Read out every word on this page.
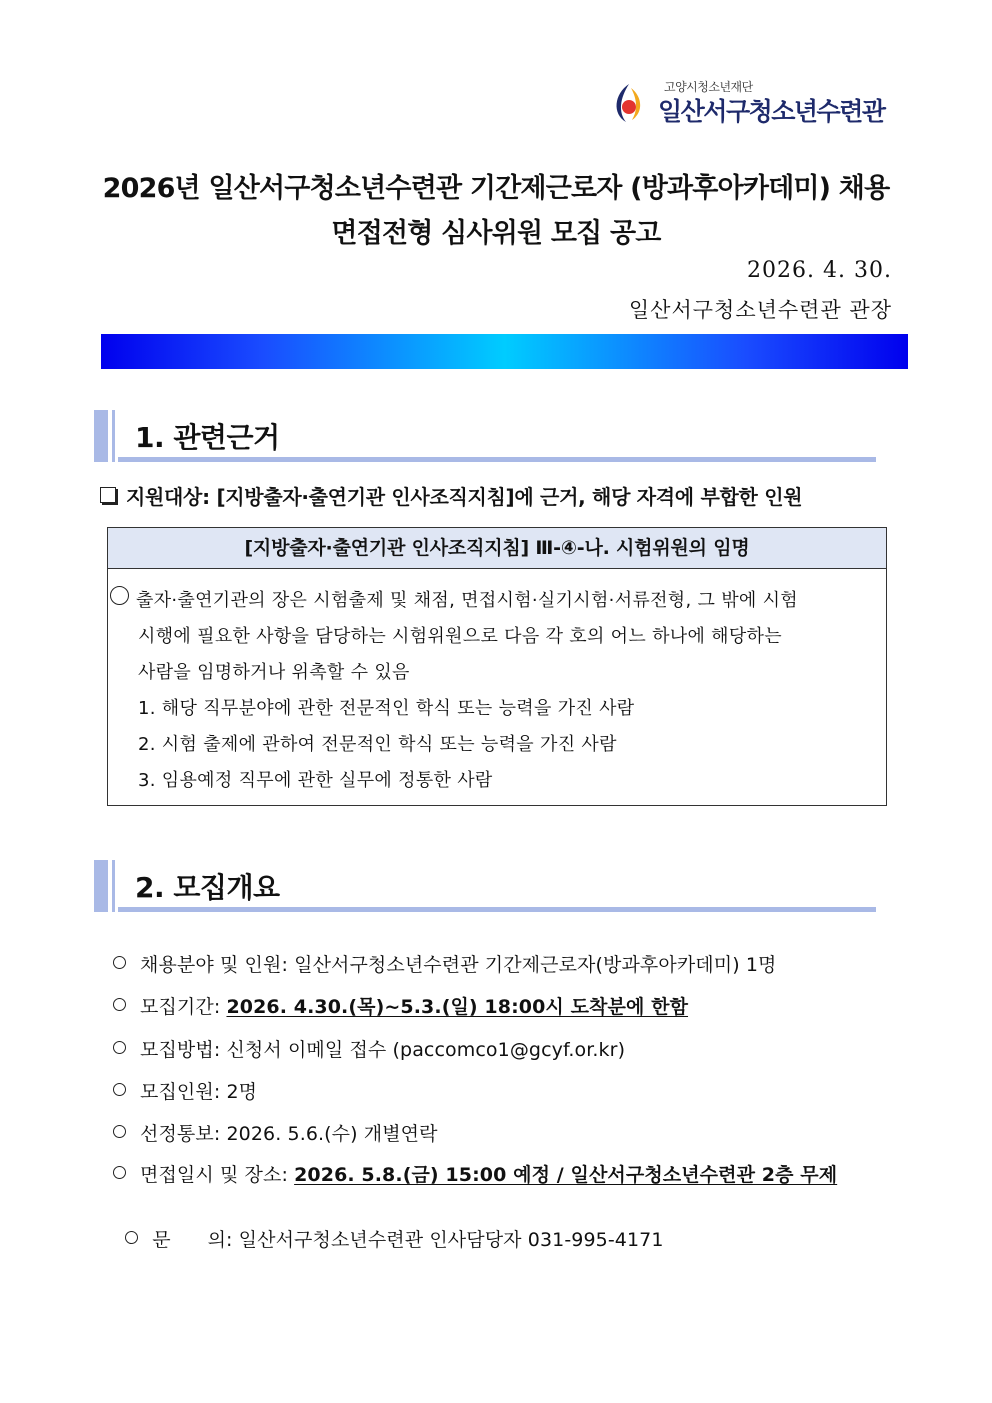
고양시청소년재단
일산서구청소년수련관
2026년 일산서구청소년수련관 기간제근로자 (방과후아카데미) 채용
면접전형 심사위원 모집 공고
2026. 4. 30.
일산서구청소년수련관 관장
1. 관련근거
지원대상: [지방출자·출연기관 인사조직지침]에 근거, 해당 자격에 부합한 인원
[지방출자·출연기관 인사조직지침] Ⅲ-④-나. 시험위원의 임명
출자·출연기관의 장은 시험출제 및 채점, 면접시험·실기시험·서류전형, 그 밖에 시험
시행에 필요한 사항을 담당하는 시험위원으로 다음 각 호의 어느 하나에 해당하는
사람을 임명하거나 위촉할 수 있음
1. 해당 직무분야에 관한 전문적인 학식 또는 능력을 가진 사람
2. 시험 출제에 관하여 전문적인 학식 또는 능력을 가진 사람
3. 임용예정 직무에 관한 실무에 정통한 사람
2. 모집개요
채용분야 및 인원: 일산서구청소년수련관 기간제근로자(방과후아카데미) 1명
모집기간: 2026. 4.30.(목)~5.3.(일) 18:00시 도착분에 한함
모집방법: 신청서 이메일 접수 (paccomco1@gcyf.or.kr)
모집인원: 2명
선정통보: 2026. 5.6.(수) 개별연락
면접일시 및 장소: 2026. 5.8.(금) 15:00 예정 / 일산서구청소년수련관 2층 무제

문      의: 일산서구청소년수련관 인사담당자 031-995-4171
